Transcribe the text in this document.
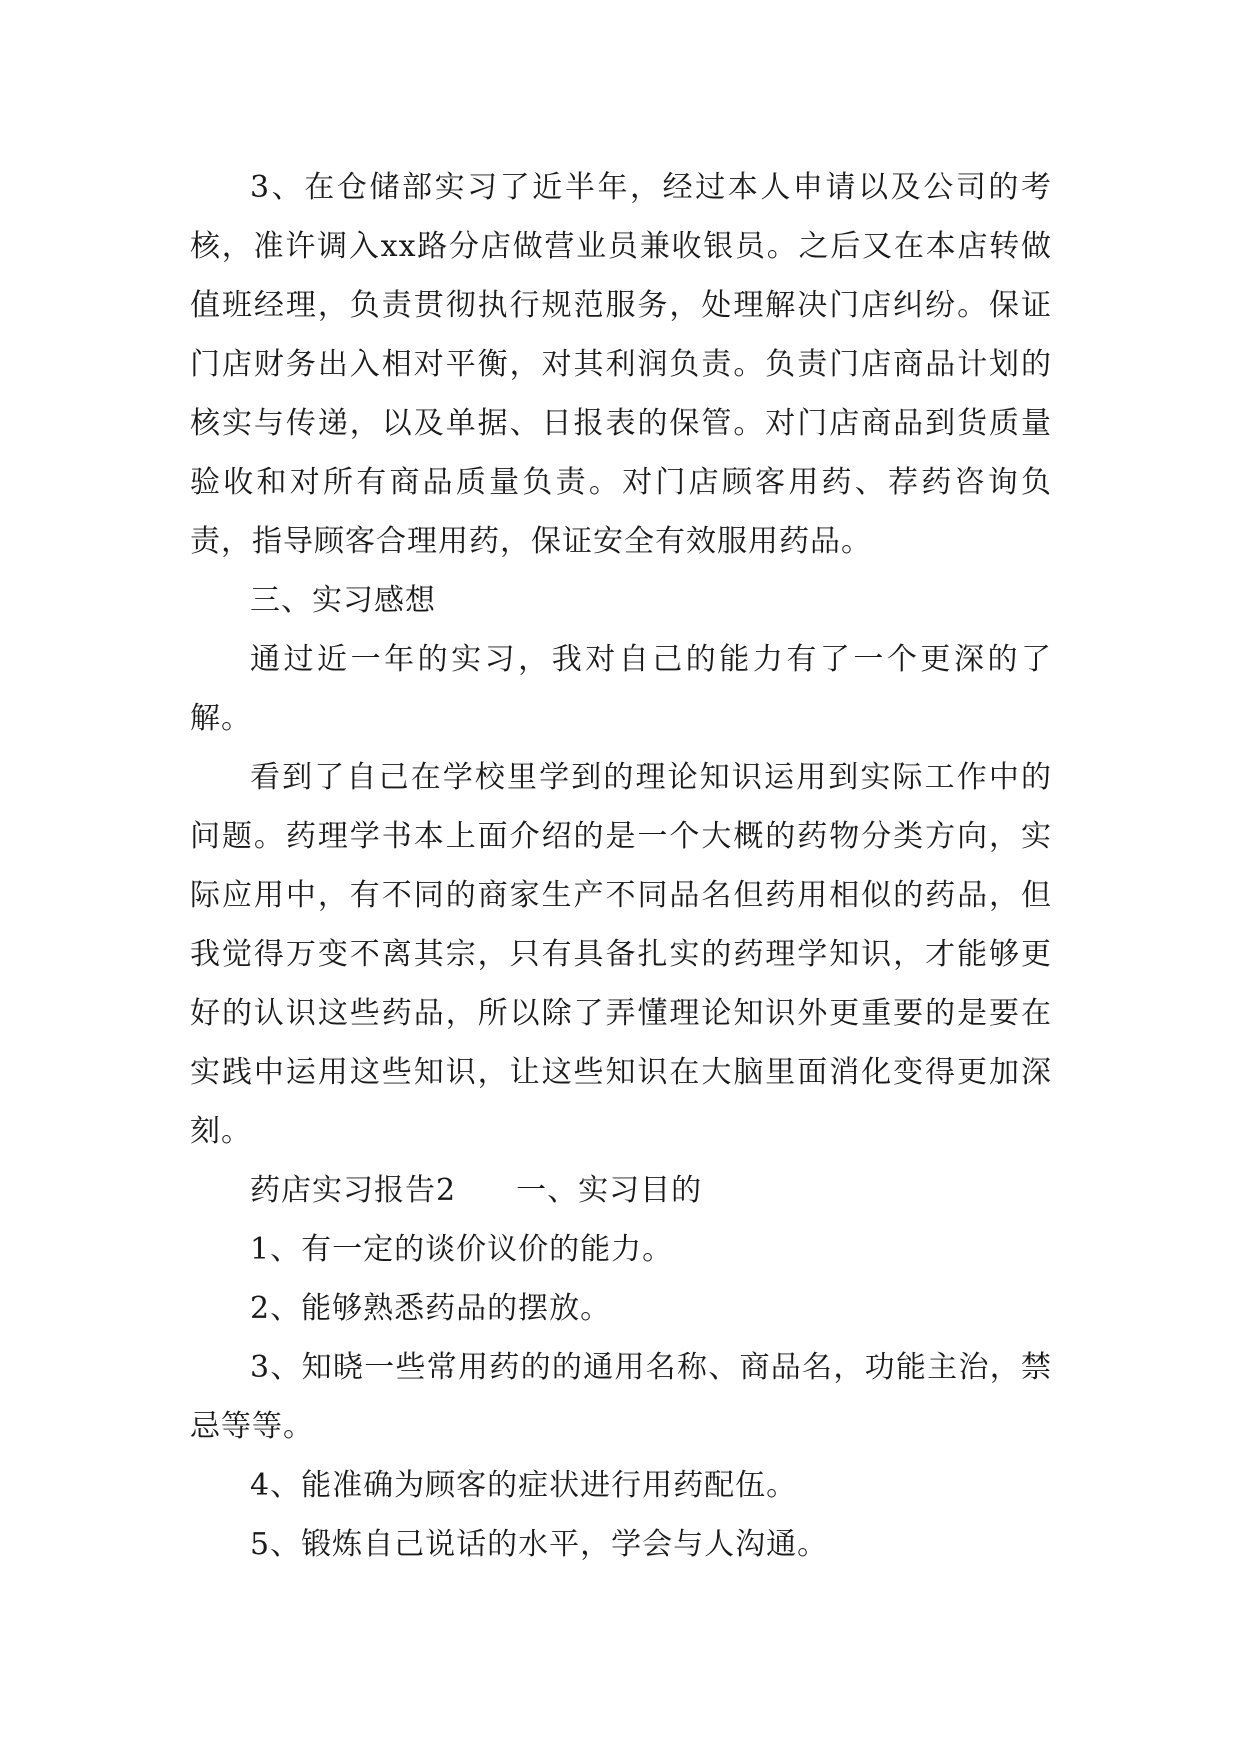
3、在仓储部实习了近半年，经过本人申请以及公司的考核，准许调入xx路分店做营业员兼收银员。之后又在本店转做值班经理，负责贯彻执行规范服务，处理解决门店纠纷。保证门店财务出入相对平衡，对其利润负责。负责门店商品计划的核实与传递，以及单据、日报表的保管。对门店商品到货质量验收和对所有商品质量负责。对门店顾客用药、荐药咨询负责，指导顾客合理用药，保证安全有效服用药品。

三、实习感想

通过近一年的实习，我对自己的能力有了一个更深的了解。

看到了自己在学校里学到的理论知识运用到实际工作中的问题。药理学书本上面介绍的是一个大概的药物分类方向，实际应用中，有不同的商家生产不同品名但药用相似的药品，但我觉得万变不离其宗，只有具备扎实的药理学知识，才能够更好的认识这些药品，所以除了弄懂理论知识外更重要的是要在实践中运用这些知识，让这些知识在大脑里面消化变得更加深刻。

药店实习报告2 一、实习目的

1、有一定的谈价议价的能力。

2、能够熟悉药品的摆放。

3、知晓一些常用药的的通用名称、商品名，功能主治，禁忌等等。

4、能准确为顾客的症状进行用药配伍。

5、锻炼自己说话的水平，学会与人沟通。
